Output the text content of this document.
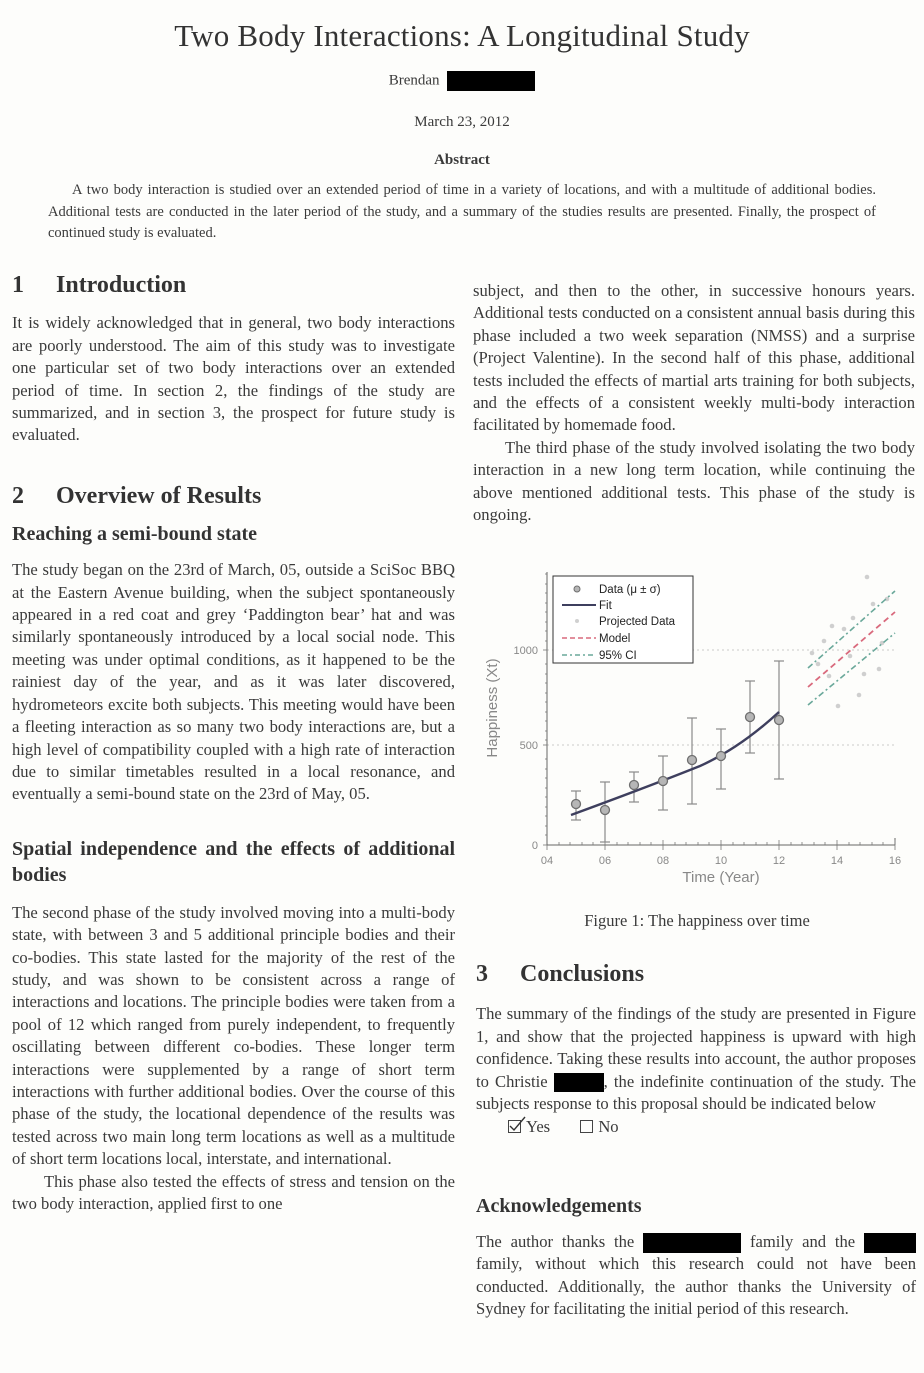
Two Body Interactions: A Longitudinal Study
Brendan
March 23, 2012
Abstract
A two body interaction is studied over an extended period of time in a variety of locations, and with a multitude of additional bodies. Additional tests are conducted in the later period of the study, and a summary of the studies results are presented. Finally, the prospect of continued study is evaluated.
1 Introduction

It is widely acknowledged that in general, two body interactions are poorly understood. The aim of this study was to investigate one particular set of two body interactions over an extended period of time. In section 2, the findings of the study are summarized, and in section 3, the prospect for future study is evaluated.

2 Overview of Results
Reaching a semi-bound state

The study began on the 23rd of March, 05, outside a SciSoc BBQ at the Eastern Avenue building, when the subject spontaneously appeared in a red coat and grey ‘Paddington bear’ hat and was similarly spontaneously introduced by a local social node. This meeting was under optimal conditions, as it happened to be the rainiest day of the year, and as it was later discovered, hydrometeors excite both subjects. This meeting would have been a fleeting interaction as so many two body interactions are, but a high level of compatibility coupled with a high rate of interaction due to similar timetables resulted in a local resonance, and eventually a semi-bound state on the 23rd of May, 05.

Spatial independence and the effects of additional bodies

The second phase of the study involved moving into a multi-body state, with between 3 and 5 additional principle bodies and their co-bodies. This state lasted for the majority of the rest of the study, and was shown to be consistent across a range of interactions and locations. The principle bodies were taken from a pool of 12 which ranged from purely independent, to frequently oscillating between different co-bodies. These longer term interactions were supplemented by a range of short term interactions with further additional bodies. Over the course of this phase of the study, the locational dependence of the results was tested across two main long term locations as well as a multitude of short term locations local, interstate, and international.

This phase also tested the effects of stress and tension on the two body interaction, applied first to one

subject, and then to the other, in successive honours years. Additional tests conducted on a consistent annual basis during this phase included a two week separation (NMSS) and a surprise (Project Valentine). In the second half of this phase, additional tests included the effects of martial arts training for both subjects, and the effects of a consistent weekly multi-body interaction facilitated by homemade food.

The third phase of the study involved isolating the two body interaction in a new long term location, while continuing the above mentioned additional tests. This phase of the study is ongoing.

1000
500
0
04	06	08	10	12	14	16
Time (Year)
Happiness (Xt)
Data (μ ± σ)
Fit
Projected Data
Model
95% CI
Figure 1: The happiness over time
3 Conclusions

The summary of the findings of the study are presented in Figure 1, and show that the projected happiness is upward with high confidence. Taking these results into account, the author proposes to Christie	, the indefinite continuation of the study. The subjects response to this proposal should be indicated below

Yes	No
Acknowledgements

The author thanks the	family and the  family, without which this research could not have been conducted. Additionally, the author thanks the University of Sydney for facilitating the initial period of this research.
